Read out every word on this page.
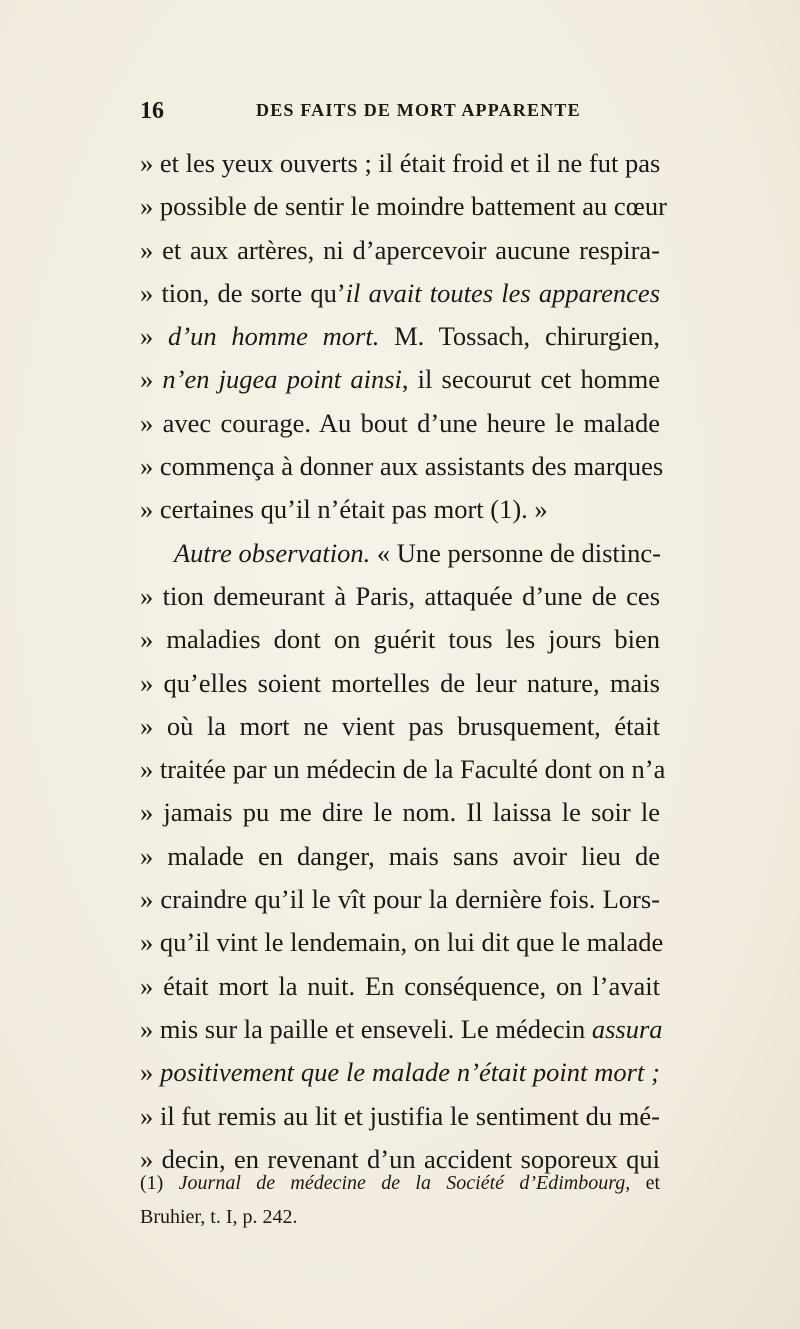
16	DES FAITS DE MORT APPARENTE
» et les yeux ouverts ; il était froid et il ne fut pas
» possible de sentir le moindre battement au cœur
» et aux artères, ni d’apercevoir aucune respira-
» tion, de sorte qu’il avait toutes les apparences
» d’un homme mort. M. Tossach, chirurgien,
» n’en jugea point ainsi, il secourut cet homme
» avec courage. Au bout d’une heure le malade
» commença à donner aux assistants des marques
» certaines qu’il n’était pas mort (1). »
Autre observation. « Une personne de distinc-
» tion demeurant à Paris, attaquée d’une de ces
» maladies dont on guérit tous les jours bien
» qu’elles soient mortelles de leur nature, mais
» où la mort ne vient pas brusquement, était
» traitée par un médecin de la Faculté dont on n’a
» jamais pu me dire le nom. Il laissa le soir le
» malade en danger, mais sans avoir lieu de
» craindre qu’il le vît pour la dernière fois. Lors-
» qu’il vint le lendemain, on lui dit que le malade
» était mort la nuit. En conséquence, on l’avait
» mis sur la paille et enseveli. Le médecin assura
» positivement que le malade n’était point mort ;
» il fut remis au lit et justifia le sentiment du mé-
» decin, en revenant d’un accident soporeux qui
(1) Journal de médecine de la Société d’Edimbourg, et
Bruhier, t. I, p. 242.
